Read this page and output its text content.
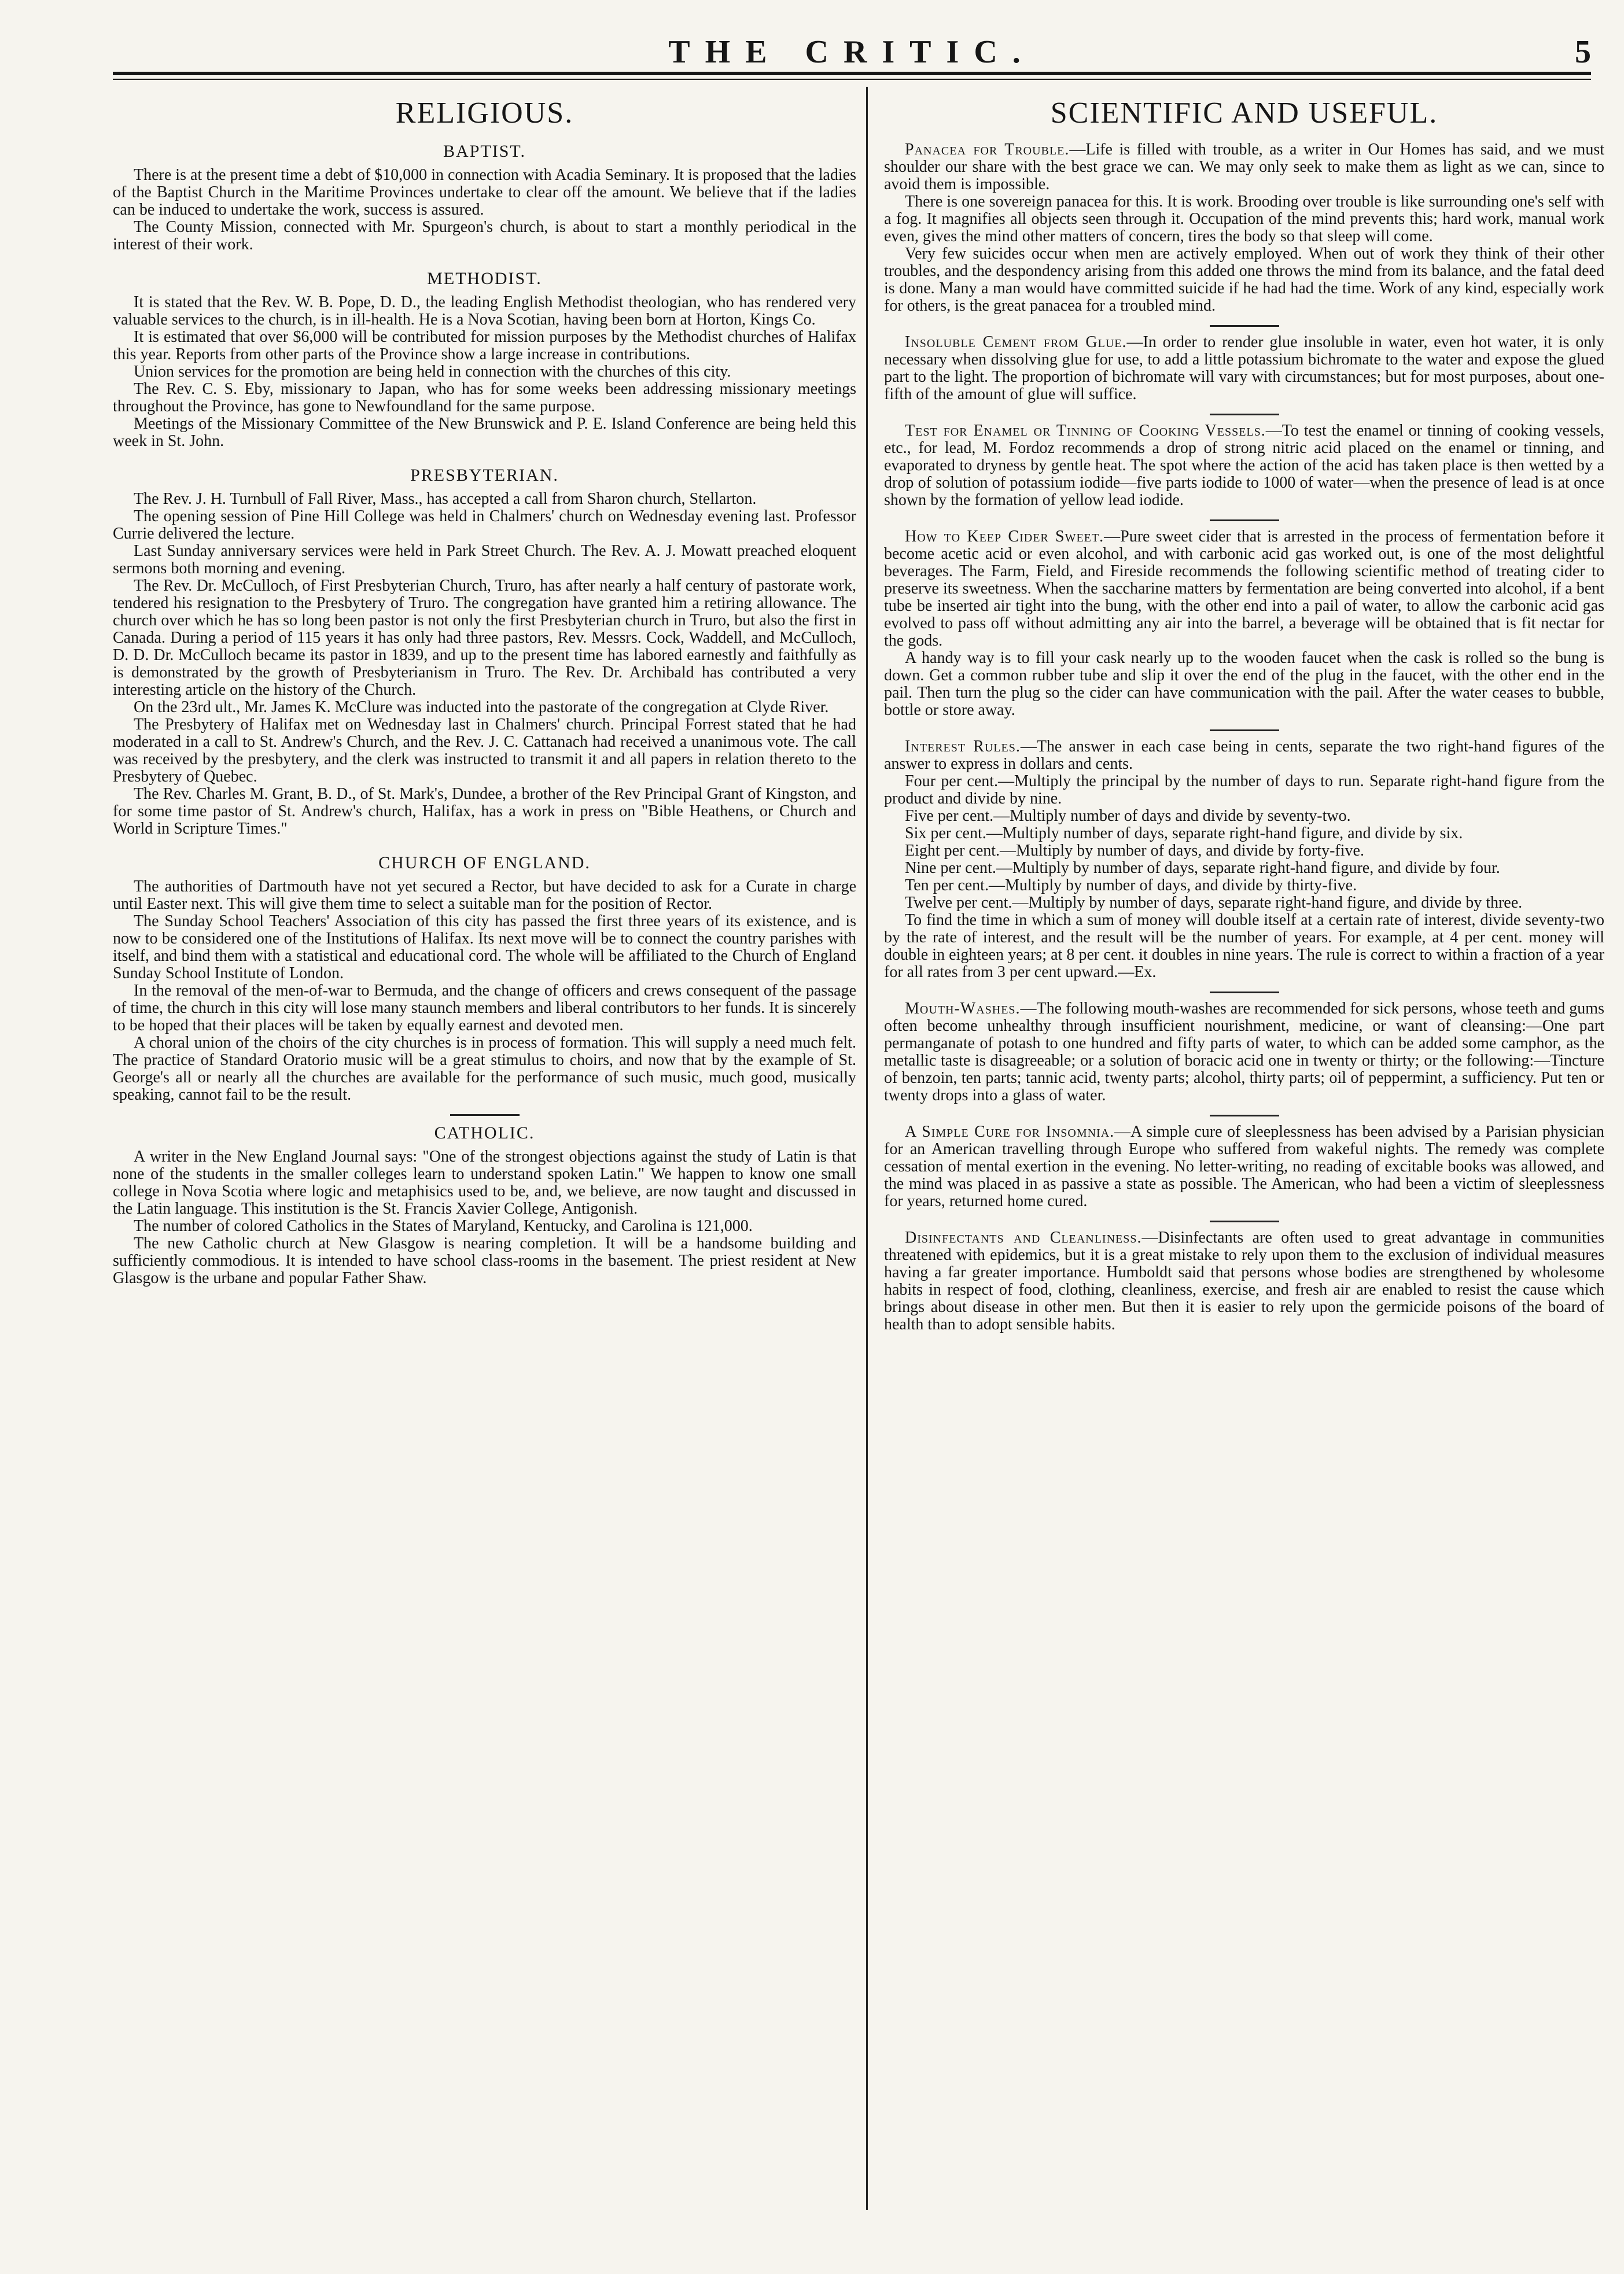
THE CRITIC.	5
RELIGIOUS.
BAPTIST.

There is at the present time a debt of $10,000 in connection with Acadia Seminary. It is proposed that the ladies of the Baptist Church in the Maritime Provinces undertake to clear off the amount. We believe that if the ladies can be induced to undertake the work, success is assured.

The County Mission, connected with Mr. Spurgeon's church, is about to start a monthly periodical in the interest of their work.

METHODIST.

It is stated that the Rev. W. B. Pope, D. D., the leading English Methodist theologian, who has rendered very valuable services to the church, is in ill-health. He is a Nova Scotian, having been born at Horton, Kings Co.

It is estimated that over $6,000 will be contributed for mission purposes by the Methodist churches of Halifax this year. Reports from other parts of the Province show a large increase in contributions.

Union services for the promotion are being held in connection with the churches of this city.

The Rev. C. S. Eby, missionary to Japan, who has for some weeks been addressing missionary meetings throughout the Province, has gone to Newfoundland for the same purpose.

Meetings of the Missionary Committee of the New Brunswick and P. E. Island Conference are being held this week in St. John.

PRESBYTERIAN.

The Rev. J. H. Turnbull of Fall River, Mass., has accepted a call from Sharon church, Stellarton.

The opening session of Pine Hill College was held in Chalmers' church on Wednesday evening last. Professor Currie delivered the lecture.

Last Sunday anniversary services were held in Park Street Church. The Rev. A. J. Mowatt preached eloquent sermons both morning and evening.

The Rev. Dr. McCulloch, of First Presbyterian Church, Truro, has after nearly a half century of pastorate work, tendered his resignation to the Presbytery of Truro. The congregation have granted him a retiring allowance. The church over which he has so long been pastor is not only the first Presbyterian church in Truro, but also the first in Canada. During a period of 115 years it has only had three pastors, Rev. Messrs. Cock, Waddell, and McCulloch, D. D. Dr. McCulloch became its pastor in 1839, and up to the present time has labored earnestly and faithfully as is demonstrated by the growth of Presbyterianism in Truro. The Rev. Dr. Archibald has contributed a very interesting article on the history of the Church.

On the 23rd ult., Mr. James K. McClure was inducted into the pastorate of the congregation at Clyde River.

The Presbytery of Halifax met on Wednesday last in Chalmers' church. Principal Forrest stated that he had moderated in a call to St. Andrew's Church, and the Rev. J. C. Cattanach had received a unanimous vote. The call was received by the presbytery, and the clerk was instructed to transmit it and all papers in relation thereto to the Presbytery of Quebec.

The Rev. Charles M. Grant, B. D., of St. Mark's, Dundee, a brother of the Rev Principal Grant of Kingston, and for some time pastor of St. Andrew's church, Halifax, has a work in press on "Bible Heathens, or Church and World in Scripture Times."

CHURCH OF ENGLAND.

The authorities of Dartmouth have not yet secured a Rector, but have decided to ask for a Curate in charge until Easter next. This will give them time to select a suitable man for the position of Rector.

The Sunday School Teachers' Association of this city has passed the first three years of its existence, and is now to be considered one of the Institutions of Halifax. Its next move will be to connect the country parishes with itself, and bind them with a statistical and educational cord. The whole will be affiliated to the Church of England Sunday School Institute of London.

In the removal of the men-of-war to Bermuda, and the change of officers and crews consequent of the passage of time, the church in this city will lose many staunch members and liberal contributors to her funds. It is sincerely to be hoped that their places will be taken by equally earnest and devoted men.

A choral union of the choirs of the city churches is in process of formation. This will supply a need much felt. The practice of Standard Oratorio music will be a great stimulus to choirs, and now that by the example of St. George's all or nearly all the churches are available for the performance of such music, much good, musically speaking, cannot fail to be the result.

CATHOLIC.

A writer in the New England Journal says: "One of the strongest objections against the study of Latin is that none of the students in the smaller colleges learn to understand spoken Latin." We happen to know one small college in Nova Scotia where logic and metaphisics used to be, and, we believe, are now taught and discussed in the Latin language. This institution is the St. Francis Xavier College, Antigonish.

The number of colored Catholics in the States of Maryland, Kentucky, and Carolina is 121,000.

The new Catholic church at New Glasgow is nearing completion. It will be a handsome building and sufficiently commodious. It is intended to have school class-rooms in the basement. The priest resident at New Glasgow is the urbane and popular Father Shaw.

SCIENTIFIC AND USEFUL.

Panacea for Trouble.—Life is filled with trouble, as a writer in Our Homes has said, and we must shoulder our share with the best grace we can. We may only seek to make them as light as we can, since to avoid them is impossible.

There is one sovereign panacea for this. It is work. Brooding over trouble is like surrounding one's self with a fog. It magnifies all objects seen through it. Occupation of the mind prevents this; hard work, manual work even, gives the mind other matters of concern, tires the body so that sleep will come.

Very few suicides occur when men are actively employed. When out of work they think of their other troubles, and the despondency arising from this added one throws the mind from its balance, and the fatal deed is done. Many a man would have committed suicide if he had had the time. Work of any kind, especially work for others, is the great panacea for a troubled mind.

Insoluble Cement from Glue.—In order to render glue insoluble in water, even hot water, it is only necessary when dissolving glue for use, to add a little potassium bichromate to the water and expose the glued part to the light. The proportion of bichromate will vary with circumstances; but for most purposes, about one-fifth of the amount of glue will suffice.

Test for Enamel or Tinning of Cooking Vessels.—To test the enamel or tinning of cooking vessels, etc., for lead, M. Fordoz recommends a drop of strong nitric acid placed on the enamel or tinning, and evaporated to dryness by gentle heat. The spot where the action of the acid has taken place is then wetted by a drop of solution of potassium iodide—five parts iodide to 1000 of water—when the presence of lead is at once shown by the formation of yellow lead iodide.

How to Keep Cider Sweet.—Pure sweet cider that is arrested in the process of fermentation before it become acetic acid or even alcohol, and with carbonic acid gas worked out, is one of the most delightful beverages. The Farm, Field, and Fireside recommends the following scientific method of treating cider to preserve its sweetness. When the saccharine matters by fermentation are being converted into alcohol, if a bent tube be inserted air tight into the bung, with the other end into a pail of water, to allow the carbonic acid gas evolved to pass off without admitting any air into the barrel, a beverage will be obtained that is fit nectar for the gods.

A handy way is to fill your cask nearly up to the wooden faucet when the cask is rolled so the bung is down. Get a common rubber tube and slip it over the end of the plug in the faucet, with the other end in the pail. Then turn the plug so the cider can have communication with the pail. After the water ceases to bubble, bottle or store away.

Interest Rules.—The answer in each case being in cents, separate the two right-hand figures of the answer to express in dollars and cents.

Four per cent.—Multiply the principal by the number of days to run. Separate right-hand figure from the product and divide by nine.

Five per cent.—Multiply number of days and divide by seventy-two.

Six per cent.—Multiply number of days, separate right-hand figure, and divide by six.

Eight per cent.—Multiply by number of days, and divide by forty-five.

Nine per cent.—Multiply by number of days, separate right-hand figure, and divide by four.

Ten per cent.—Multiply by number of days, and divide by thirty-five.

Twelve per cent.—Multiply by number of days, separate right-hand figure, and divide by three.

To find the time in which a sum of money will double itself at a certain rate of interest, divide seventy-two by the rate of interest, and the result will be the number of years. For example, at 4 per cent. money will double in eighteen years; at 8 per cent. it doubles in nine years. The rule is correct to within a fraction of a year for all rates from 3 per cent upward.—Ex.

Mouth-Washes.—The following mouth-washes are recommended for sick persons, whose teeth and gums often become unhealthy through insufficient nourishment, medicine, or want of cleansing:—One part permanganate of potash to one hundred and fifty parts of water, to which can be added some camphor, as the metallic taste is disagreeable; or a solution of boracic acid one in twenty or thirty; or the following:—Tincture of benzoin, ten parts; tannic acid, twenty parts; alcohol, thirty parts; oil of peppermint, a sufficiency. Put ten or twenty drops into a glass of water.

A Simple Cure for Insomnia.—A simple cure of sleeplessness has been advised by a Parisian physician for an American travelling through Europe who suffered from wakeful nights. The remedy was complete cessation of mental exertion in the evening. No letter-writing, no reading of excitable books was allowed, and the mind was placed in as passive a state as possible. The American, who had been a victim of sleeplessness for years, returned home cured.

Disinfectants and Cleanliness.—Disinfectants are often used to great advantage in communities threatened with epidemics, but it is a great mistake to rely upon them to the exclusion of individual measures having a far greater importance. Humboldt said that persons whose bodies are strengthened by wholesome habits in respect of food, clothing, cleanliness, exercise, and fresh air are enabled to resist the cause which brings about disease in other men. But then it is easier to rely upon the germicide poisons of the board of health than to adopt sensible habits.
